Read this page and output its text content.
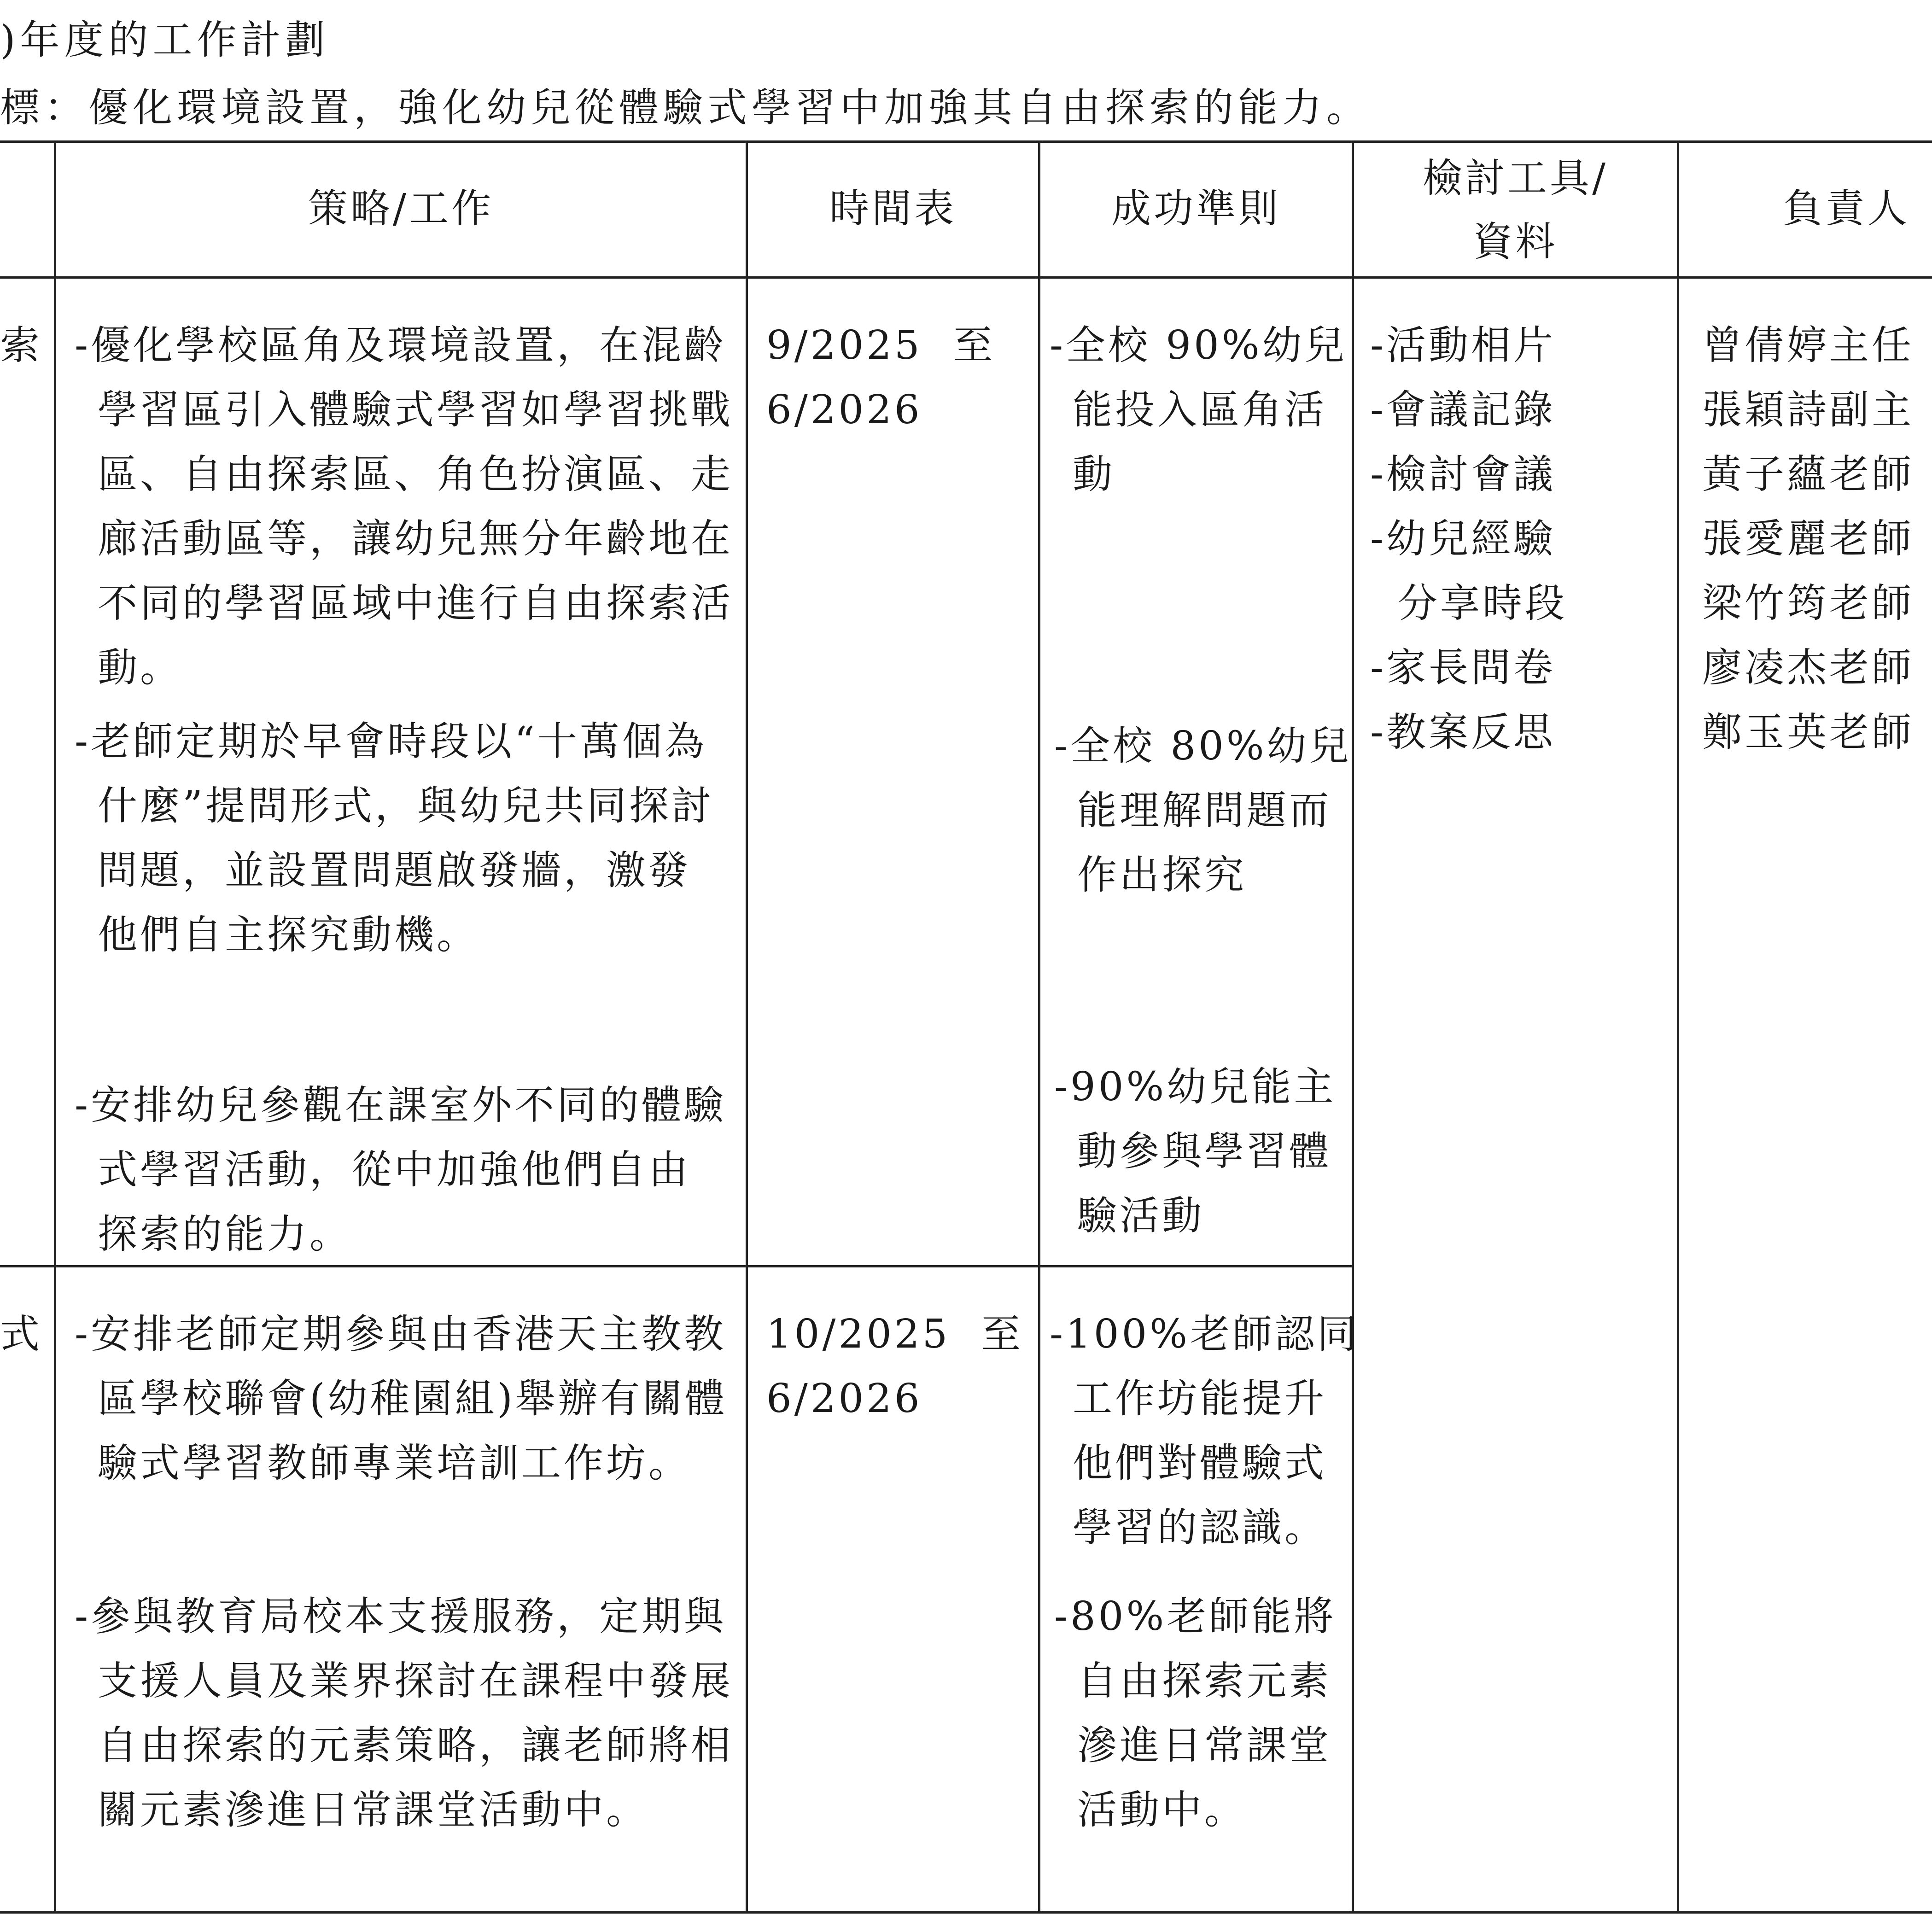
)年度的工作計劃
標：優化環境設置，強化幼兒從體驗式學習中加強其自由探索的能力。
策略/工作	時間表	成功準則
檢討工具/
資料
負責人
索 -優化學校區角及環境設置，在混齡學習區引入體驗式學習如學習挑戰區、自由探索區、角色扮演區、走廊活動區等，讓幼兒無分年齡地在不同的學習區域中進行自由探索活動。

-老師定期於早會時段以“十萬個為什麼”提問形式，與幼兒共同探討問題，並設置問題啟發牆，激發他們自主探究動機。

-安排幼兒參觀在課室外不同的體驗式學習活動，從中加強他們自由探索的能力。

9/2025  至
6/2026

-全校 90%幼兒能投入區角活動

-全校 80%幼兒能理解問題而作出探究

-90%幼兒能主動參與學習體驗活動

-活動相片
-會議記錄
-檢討會議
-幼兒經驗
分享時段
-家長問卷
-教案反思
曾倩婷主任
張穎詩副主
黃子蘊老師
張愛麗老師
梁竹筠老師
廖凌杰老師
鄭玉英老師
式 -安排老師定期參與由香港天主教教區學校聯會(幼稚園組)舉辦有關體驗式學習教師專業培訓工作坊。

-參與教育局校本支援服務，定期與支援人員及業界探討在課程中發展自由探索的元素策略，讓老師將相關元素滲進日常課堂活動中。

10/2025  至
6/2026

-100%老師認同工作坊能提升他們對體驗式學習的認識。

-80%老師能將自由探索元素滲進日常課堂活動中。
